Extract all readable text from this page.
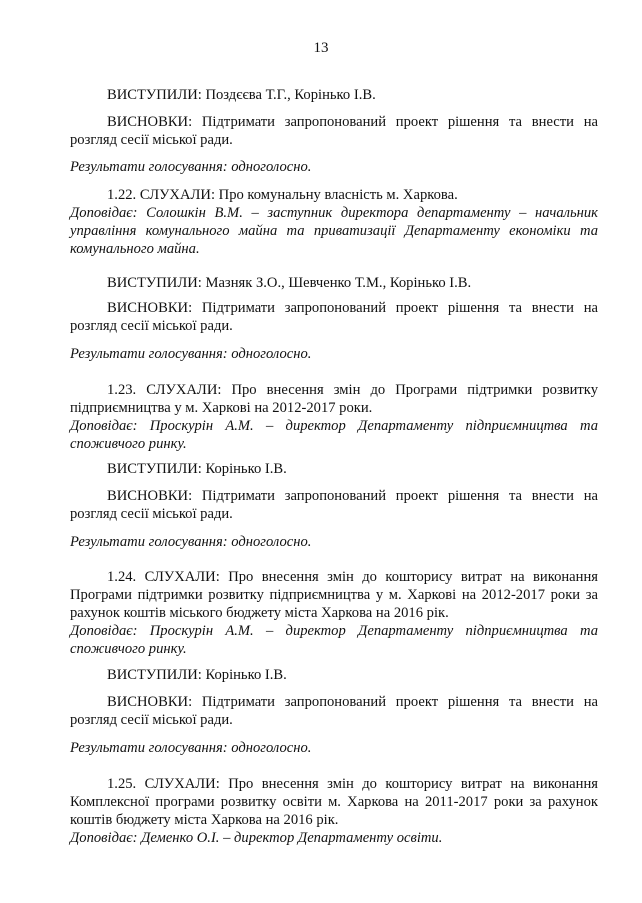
13
ВИСТУПИЛИ: Поздєєва Т.Г., Корінько І.В.
ВИСНОВКИ: Підтримати запропонований проект рішення та внести на
розгляд сесії міської ради.
Результати голосування: одноголосно.
1.22. СЛУХАЛИ: Про комунальну власність м. Харкова.
Доповідає: Солошкін В.М. – заступник директора департаменту – начальник
управління комунального майна та приватизації Департаменту економіки та
комунального майна.
ВИСТУПИЛИ: Мазняк З.О., Шевченко Т.М., Корінько І.В.
ВИСНОВКИ: Підтримати запропонований проект рішення та внести на
розгляд сесії міської ради.
Результати голосування: одноголосно.
1.23. СЛУХАЛИ: Про внесення змін до Програми підтримки розвитку
підприємництва у м. Харкові на 2012-2017 роки.
Доповідає: Проскурін А.М. – директор Департаменту підприємництва та
споживчого ринку.
ВИСТУПИЛИ: Корінько І.В.
ВИСНОВКИ: Підтримати запропонований проект рішення та внести на
розгляд сесії міської ради.
Результати голосування: одноголосно.
1.24. СЛУХАЛИ: Про внесення змін до кошторису витрат на виконання
Програми підтримки розвитку підприємництва у м. Харкові на 2012-2017 роки за
рахунок коштів міського бюджету міста Харкова на 2016 рік.
Доповідає: Проскурін А.М. – директор Департаменту підприємництва та
споживчого ринку.
ВИСТУПИЛИ: Корінько І.В.
ВИСНОВКИ: Підтримати запропонований проект рішення та внести на
розгляд сесії міської ради.
Результати голосування: одноголосно.
1.25. СЛУХАЛИ: Про внесення змін до кошторису витрат на виконання
Комплексної програми розвитку освіти м. Харкова на 2011-2017 роки за рахунок
коштів бюджету міста Харкова на 2016 рік.
Доповідає: Деменко О.І. – директор Департаменту освіти.
